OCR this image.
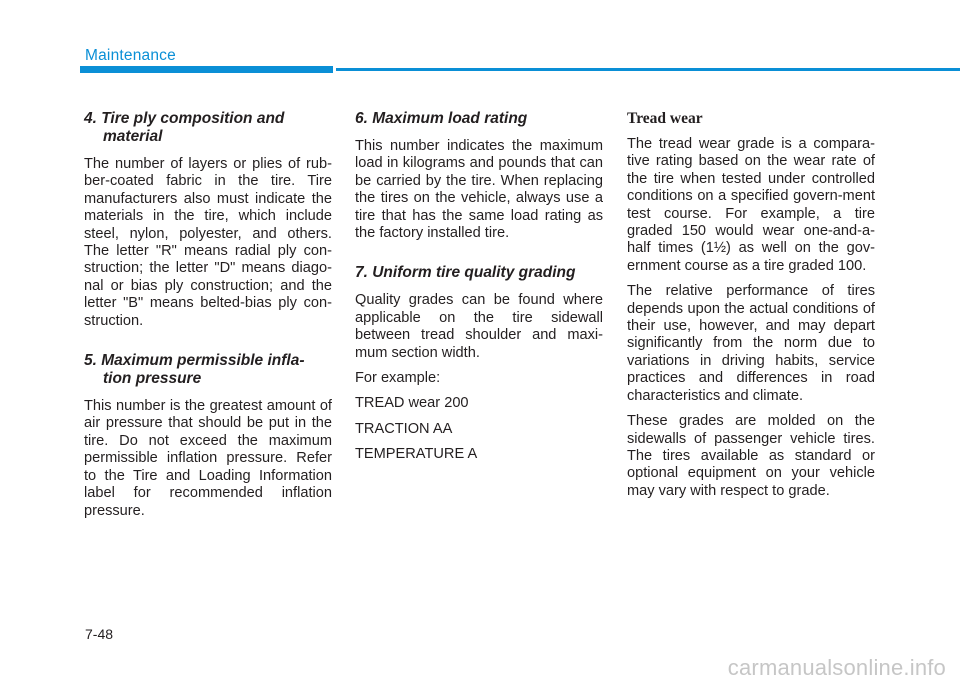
Maintenance
4. Tire ply composition and material

The number of layers or plies of rub-ber-coated fabric in the tire. Tire manufacturers also must indicate the materials in the tire, which include steel, nylon, polyester, and others. The letter "R" means radial ply con-struction; the letter "D" means diago-nal or bias ply construction; and the letter "B" means belted-bias ply con-struction.

5. Maximum permissible infla-tion pressure

This number is the greatest amount of air pressure that should be put in the tire. Do not exceed the maximum permissible inflation pressure. Refer to the Tire and Loading Information label for recommended inflation pressure.

6. Maximum load rating

This number indicates the maximum load in kilograms and pounds that can be carried by the tire. When replacing the tires on the vehicle, always use a tire that has the same load rating as the factory installed tire.

7. Uniform tire quality grading

Quality grades can be found where applicable on the tire sidewall between tread shoulder and maxi-mum section width.

For example:

TREAD wear 200

TRACTION AA

TEMPERATURE A

Tread wear

The tread wear grade is a compara-tive rating based on the wear rate of the tire when tested under controlled conditions on a specified govern-ment test course. For example, a tire graded 150 would wear one-and-a-half times (1½) as well on the gov-ernment course as a tire graded 100.

The relative performance of tires depends upon the actual conditions of their use, however, and may depart significantly from the norm due to variations in driving habits, service practices and differences in road characteristics and climate.

These grades are molded on the sidewalls of passenger vehicle tires. The tires available as standard or optional equipment on your vehicle may vary with respect to grade.

7-48
carmanualsonline.info
